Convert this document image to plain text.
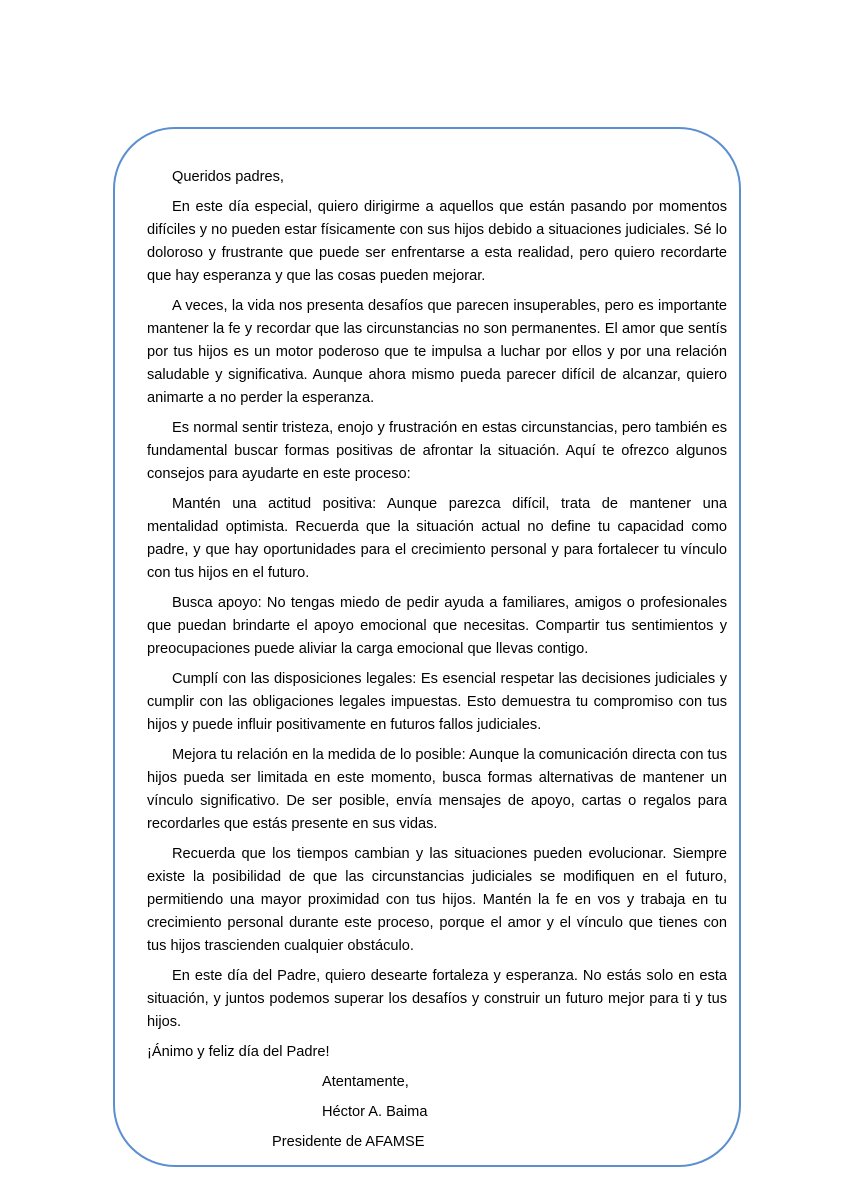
Queridos padres,

En este día especial, quiero dirigirme a aquellos que están pasando por momentos difíciles y no pueden estar físicamente con sus hijos debido a situaciones judiciales. Sé lo doloroso y frustrante que puede ser enfrentarse a esta realidad, pero quiero recordarte que hay esperanza y que las cosas pueden mejorar.

A veces, la vida nos presenta desafíos que parecen insuperables, pero es importante mantener la fe y recordar que las circunstancias no son permanentes. El amor que sentís por tus hijos es un motor poderoso que te impulsa a luchar por ellos y por una relación saludable y significativa. Aunque ahora mismo pueda parecer difícil de alcanzar, quiero animarte a no perder la esperanza.

Es normal sentir tristeza, enojo y frustración en estas circunstancias, pero también es fundamental buscar formas positivas de afrontar la situación. Aquí te ofrezco algunos consejos para ayudarte en este proceso:

Mantén una actitud positiva: Aunque parezca difícil, trata de mantener una mentalidad optimista. Recuerda que la situación actual no define tu capacidad como padre, y que hay oportunidades para el crecimiento personal y para fortalecer tu vínculo con tus hijos en el futuro.

Busca apoyo: No tengas miedo de pedir ayuda a familiares, amigos o profesionales que puedan brindarte el apoyo emocional que necesitas. Compartir tus sentimientos y preocupaciones puede aliviar la carga emocional que llevas contigo.

Cumplí con las disposiciones legales: Es esencial respetar las decisiones judiciales y cumplir con las obligaciones legales impuestas. Esto demuestra tu compromiso con tus hijos y puede influir positivamente en futuros fallos judiciales.

Mejora tu relación en la medida de lo posible: Aunque la comunicación directa con tus hijos pueda ser limitada en este momento, busca formas alternativas de mantener un vínculo significativo. De ser posible, envía mensajes de apoyo, cartas o regalos para recordarles que estás presente en sus vidas.

Recuerda que los tiempos cambian y las situaciones pueden evolucionar. Siempre existe la posibilidad de que las circunstancias judiciales se modifiquen en el futuro, permitiendo una mayor proximidad con tus hijos. Mantén la fe en vos y trabaja en tu crecimiento personal durante este proceso, porque el amor y el vínculo que tienes con tus hijos trascienden cualquier obstáculo.

En este día del Padre, quiero desearte fortaleza y esperanza. No estás solo en esta situación, y juntos podemos superar los desafíos y construir un futuro mejor para ti y tus hijos.

¡Ánimo y feliz día del Padre!

Atentamente,

Héctor A. Baima

Presidente de AFAMSE
